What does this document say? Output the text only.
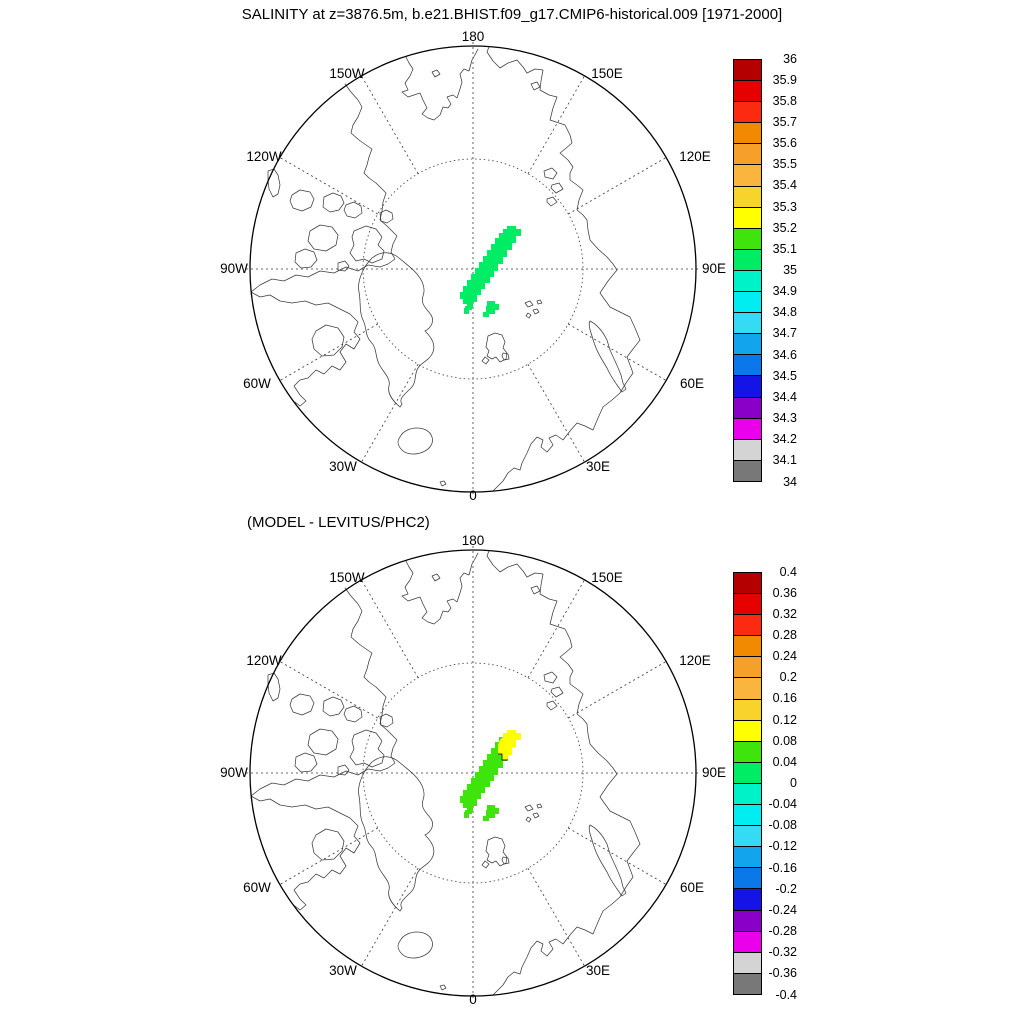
SALINITY at z=3876.5m, b.e21.BHIST.f09_g17.CMIP6-historical.009 [1971-2000]
180
150E
120E
90E
60E
30E
0
30W
60W
90W
120W
150W
36
35.9
35.8
35.7
35.6
35.5
35.4
35.3
35.2
35.1
35
34.9
34.8
34.7
34.6
34.5
34.4
34.3
34.2
34.1
34
(MODEL - LEVITUS/PHC2)
180
150E
120E
90E
60E
30E
0
30W
60W
90W
120W
150W	0.4
0.36
0.32
0.28
0.24
0.2
0.16
0.12
0.08
0.04
0
-0.04
-0.08
-0.12
-0.16
-0.2
-0.24
-0.28
-0.32
-0.36
-0.4
